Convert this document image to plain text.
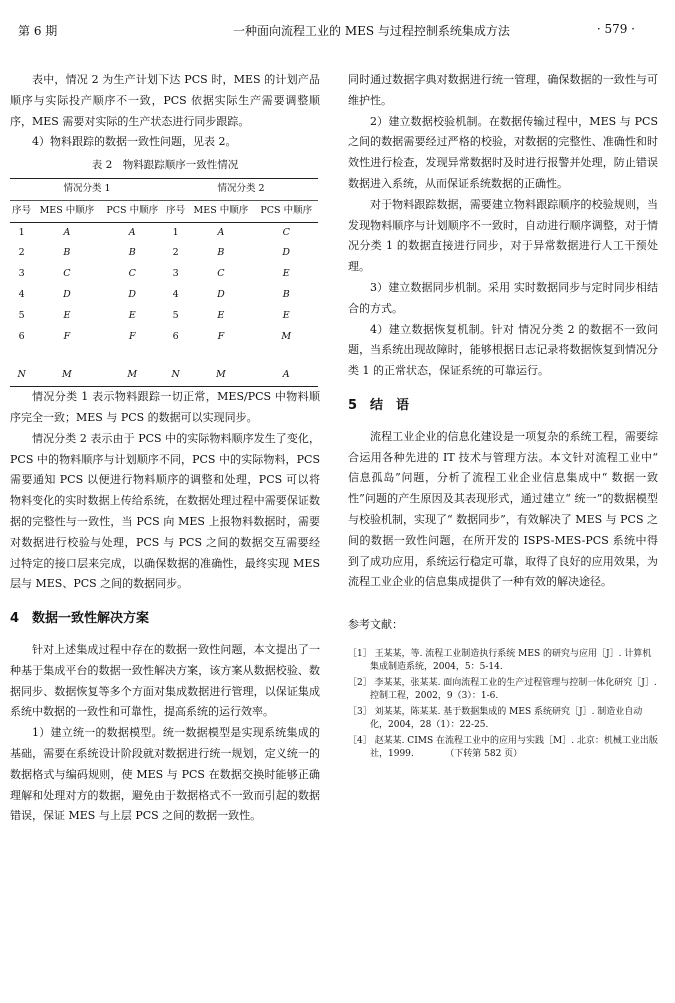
第 6 期	一种面向流程工业的 MES 与过程控制系统集成方法	· 579 ·

表中，情况 2 为生产计划下达 PCS 时，MES 的计划产品顺序与实际投产顺序不一致，PCS 依据实际生产需要调整顺序，MES 需要对实际的生产状态进行同步跟踪。

4）物料跟踪的数据一致性问题，见表 2。

表 2　物料跟踪顺序一致性情况
情况分类 1			情况分类 2		
序号	MES 中顺序	PCS 中顺序	序号	MES 中顺序	PCS 中顺序
1	A	A	1	A	C
2	B	B	2	B	D
3	C	C	3	C	E
4	D	D	4	D	B
5	E	E	5	E	E
6	F	F	6	F	M

N	M	M	N	M	A

情况分类 1 表示物料跟踪一切正常，MES/PCS 中物料顺序完全一致；MES 与 PCS 的数据可以实现同步。

情况分类 2 表示由于 PCS 中的实际物料顺序发生了变化，PCS 中的物料顺序与计划顺序不同，PCS 中的实际物料，PCS 需要通知 PCS 以便进行物料顺序的调整和处理，PCS 可以将物料变化的实时数据上传给系统，在数据处理过程中需要保证数据的完整性与一致性，当 PCS 向 MES 上报物料数据时，需要对数据进行校验与处理，PCS 与 PCS 之间的数据交互需要经过特定的接口层来完成，以确保数据的准确性，最终实现 MES 层与 MES、PCS 之间的数据同步。

4　数据一致性解决方案

针对上述集成过程中存在的数据一致性问题，本文提出了一种基于集成平台的数据一致性解决方案，该方案从数据校验、数据同步、数据恢复等多个方面对集成数据进行管理，以保证集成系统中数据的一致性和可靠性，提高系统的运行效率。

1）建立统一的数据模型。统一数据模型是实现系统集成的基础，需要在系统设计阶段就对数据进行统一规划，定义统一的数据格式与编码规则，使 MES 与 PCS 在数据交换时能够正确理解和处理对方的数据，避免由于数据格式不一致而引起的数据错误，保证 MES 与上层 PCS 之间的数据一致性。

同时通过数据字典对数据进行统一管理，确保数据的一致性与可维护性。

2）建立数据校验机制。在数据传输过程中，MES 与 PCS 之间的数据需要经过严格的校验，对数据的完整性、准确性和时效性进行检查，发现异常数据时及时进行报警并处理，防止错误数据进入系统，从而保证系统数据的正确性。

对于物料跟踪数据，需要建立物料跟踪顺序的校验规则，当发现物料顺序与计划顺序不一致时，自动进行顺序调整，对于情况分类 1 的数据直接进行同步，对于异常数据进行人工干预处理。

3）建立数据同步机制。采用 实时数据同步与定时同步相结合的方式。

4）建立数据恢复机制。针对 情况分类 2 的数据不一致问题，当系统出现故障时，能够根据日志记录将数据恢复到情况分类 1 的正常状态，保证系统的可靠运行。

5　结　语

流程工业企业的信息化建设是一项复杂的系统工程，需要综合运用各种先进的 IT 技术与管理方法。本文针对流程工业中“ 信息孤岛”问题，分析了流程工业企业信息集成中“ 数据一致性”问题的产生原因及其表现形式，通过建立“ 统一”的数据模型与校验机制，实现了“ 数据同步”，有效解决了 MES 与 PCS 之间的数据一致性问题，在所开发的 ISPS-MES-PCS 系统中得到了成功应用，系统运行稳定可靠，取得了良好的应用效果，为流程工业企业的信息集成提供了一种有效的解决途径。

参考文献：

［1］ 王某某，等. 流程工业制造执行系统 MES 的研究与应用［J］. 计算机集成制造系统，2004，5：5-14.

［2］ 李某某，张某某. 面向流程工业的生产过程管理与控制一体化研究［J］. 控制工程，2002，9（3）：1-6.

［3］ 刘某某，陈某某. 基于数据集成的 MES 系统研究［J］. 制造业自动化，2004，28（1）：22-25.

［4］ 赵某某. CIMS 在流程工业中的应用与实践［M］. 北京：机械工业出版社，1999.　　　　（下转第 582 页）
